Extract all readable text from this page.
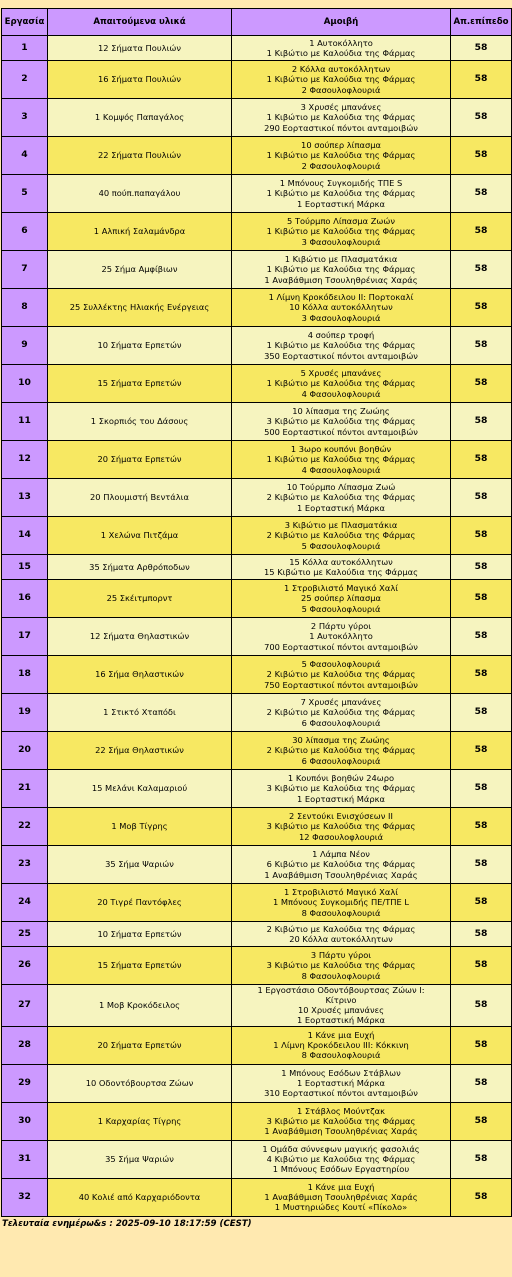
Εργασία	Απαιτούμενα υλικά	Αμοιβή	Απ.επίπεδο
1	12 Σήματα Πουλιών	1 Αυτοκόλλητο
1 Κιβώτιο με Καλούδια της Φάρμας	58
2	16 Σήματα Πουλιών	2 Κόλλα αυτοκόλλητων
1 Κιβώτιο με Καλούδια της Φάρμας
2 Φασουλοφλουριά	58
3	1 Κομψός Παπαγάλος	3 Χρυσές μπανάνες
1 Κιβώτιο με Καλούδια της Φάρμας
290 Εορταστικοί πόντοι ανταμοιβών	58
4	22 Σήματα Πουλιών	10 σούπερ λίπασμα
1 Κιβώτιο με Καλούδια της Φάρμας
2 Φασουλοφλουριά	58
5	40 πούπ.παπαγάλου	1 Μπόνους Συγκομιδής ΤΠΕ S
1 Κιβώτιο με Καλούδια της Φάρμας
1 Εορταστική Μάρκα	58
6	1 Αλπική Σαλαμάνδρα	5 Τούρμπο Λίπασμα Ζωών
1 Κιβώτιο με Καλούδια της Φάρμας
3 Φασουλοφλουριά	58
7	25 Σήμα Αμφίβιων	1 Κιβώτιο με Πλασματάκια
1 Κιβώτιο με Καλούδια της Φάρμας
1 Αναβάθμιση Τσουληθρένιας Χαράς	58
8	25 Συλλέκτης Ηλιακής Ενέργειας	1 Λίμνη Κροκόδειλου ΙΙ: Πορτοκαλί
10 Κόλλα αυτοκόλλητων
3 Φασουλοφλουριά	58
9	10 Σήματα Ερπετών	4 σούπερ τροφή
1 Κιβώτιο με Καλούδια της Φάρμας
350 Εορταστικοί πόντοι ανταμοιβών	58
10	15 Σήματα Ερπετών	5 Χρυσές μπανάνες
1 Κιβώτιο με Καλούδια της Φάρμας
4 Φασουλοφλουριά	58
11	1 Σκορπιός του Δάσους	10 λίπασμα της Ζωώης
3 Κιβώτιο με Καλούδια της Φάρμας
500 Εορταστικοί πόντοι ανταμοιβών	58
12	20 Σήματα Ερπετών	1 3ωρο κουπόνι βοηθών
1 Κιβώτιο με Καλούδια της Φάρμας
4 Φασουλοφλουριά	58
13	20 Πλουμιστή Βεντάλια	10 Τούρμπο Λίπασμα Ζωώ
2 Κιβώτιο με Καλούδια της Φάρμας
1 Εορταστική Μάρκα	58
14	1 Χελώνα Πιτζάμα	3 Κιβώτιο με Πλασματάκια
2 Κιβώτιο με Καλούδια της Φάρμας
5 Φασουλοφλουριά	58
15	35 Σήματα Αρθρόποδων	15 Κόλλα αυτοκόλλητων
15 Κιβώτιο με Καλούδια της Φάρμας	58
16	25 Σκέιτμπορντ	1 Στροβιλιστό Μαγικό Χαλί
25 σούπερ λίπασμα
5 Φασουλοφλουριά	58
17	12 Σήματα Θηλαστικών	2 Πάρτυ γύροι
1 Αυτοκόλλητο
700 Εορταστικοί πόντοι ανταμοιβών	58
18	16 Σήμα Θηλαστικών	5 Φασουλοφλουριά
2 Κιβώτιο με Καλούδια της Φάρμας
750 Εορταστικοί πόντοι ανταμοιβών	58
19	1 Στικτό Χταπόδι	7 Χρυσές μπανάνες
2 Κιβώτιο με Καλούδια της Φάρμας
6 Φασουλοφλουριά	58
20	22 Σήμα Θηλαστικών	30 λίπασμα της Ζωώης
2 Κιβώτιο με Καλούδια της Φάρμας
6 Φασουλοφλουριά	58
21	15 Μελάνι Καλαμαριού	1 Κουπόνι βοηθών 24ωρο
3 Κιβώτιο με Καλούδια της Φάρμας
1 Εορταστική Μάρκα	58
22	1 Μοβ Τίγρης	2 Σεντούκι Ενισχύσεων ΙΙ
3 Κιβώτιο με Καλούδια της Φάρμας
12 Φασουλοφλουριά	58
23	35 Σήμα Ψαριών	1 Λάμπα Νέον
6 Κιβώτιο με Καλούδια της Φάρμας
1 Αναβάθμιση Τσουληθρένιας Χαράς	58
24	20 Τιγρέ Παντόφλες	1 Στροβιλιστό Μαγικό Χαλί
1 Μπόνους Συγκομιδής ΠΕ/ΤΠΕ L
8 Φασουλοφλουριά	58
25	10 Σήματα Ερπετών	2 Κιβώτιο με Καλούδια της Φάρμας
20 Κόλλα αυτοκόλλητων	58
26	15 Σήματα Ερπετών	3 Πάρτυ γύροι
3 Κιβώτιο με Καλούδια της Φάρμας
8 Φασουλοφλουριά	58
27	1 Μοβ Κροκόδειλος	1 Εργοστάσιο Οδοντόβουρτσας Ζώων Ι:
Κίτρινο
10 Χρυσές μπανάνες
1 Εορταστική Μάρκα	58
28	20 Σήματα Ερπετών	1 Κάνε μια Ευχή
1 Λίμνη Κροκόδειλου ΙΙΙ: Κόκκινη
8 Φασουλοφλουριά	58
29	10 Οδοντόβουρτσα Ζώων	1 Μπόνους Εσόδων Στάβλων
1 Εορταστική Μάρκα
310 Εορταστικοί πόντοι ανταμοιβών	58
30	1 Καρχαρίας Τίγρης	1 Στάβλος Μούντζακ
3 Κιβώτιο με Καλούδια της Φάρμας
1 Αναβάθμιση Τσουληθρένιας Χαράς	58
31	35 Σήμα Ψαριών	1 Ομάδα σύννεφων μαγικής φασολιάς
4 Κιβώτιο με Καλούδια της Φάρμας
1 Μπόνους Εσόδων Εργαστηρίου	58
32	40 Κολιέ από Καρχαριόδοντα	1 Κάνε μια Ευχή
1 Αναβάθμιση Τσουληθρένιας Χαράς
1 Μυστηριώδες Κουτί «Πίκολο»	58
Τελευταία ενημέρω&s : 2025-09-10 18:17:59 (CEST)
